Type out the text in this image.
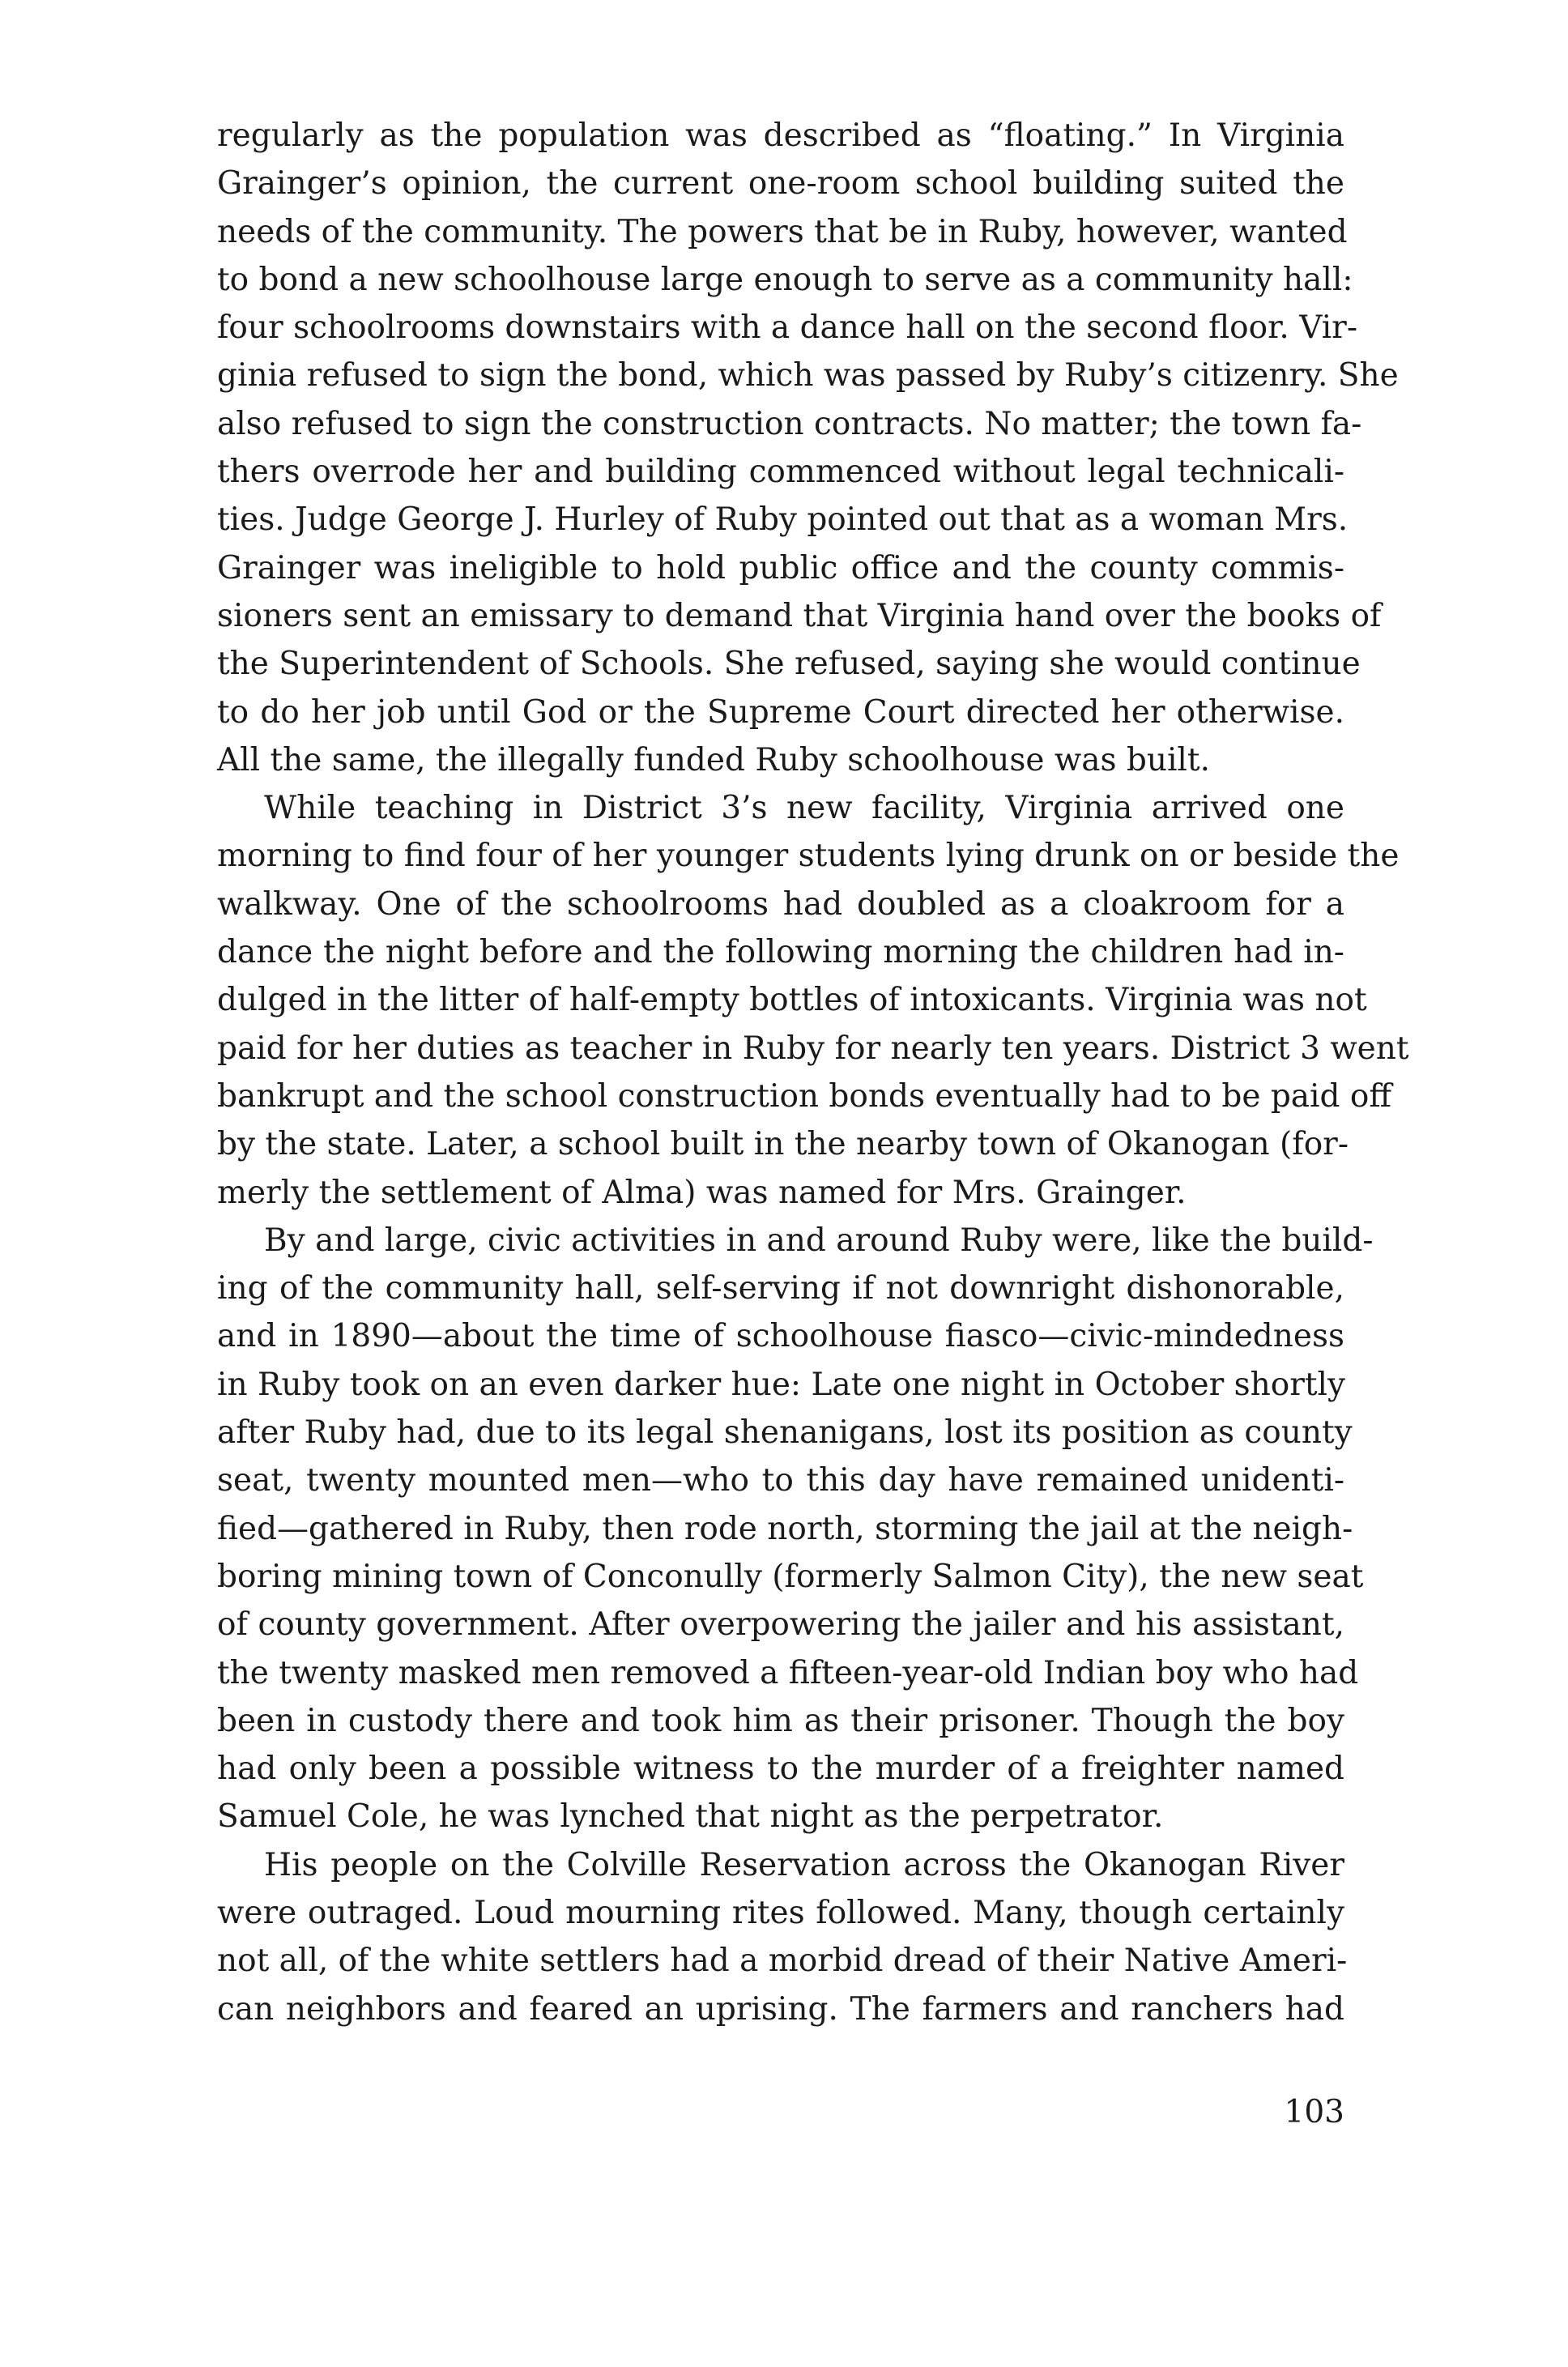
regularly as the population was described as “floating.” In Virginia
Grainger’s opinion, the current one-room school building suited the
needs of the community. The powers that be in Ruby, however, wanted
to bond a new schoolhouse large enough to serve as a community hall:
four schoolrooms downstairs with a dance hall on the second floor. Vir-
ginia refused to sign the bond, which was passed by Ruby’s citizenry. She
also refused to sign the construction contracts. No matter; the town fa-
thers overrode her and building commenced without legal technicali-
ties. Judge George J. Hurley of Ruby pointed out that as a woman Mrs.
Grainger was ineligible to hold public office and the county commis-
sioners sent an emissary to demand that Virginia hand over the books of
the Superintendent of Schools. She refused, saying she would continue
to do her job until God or the Supreme Court directed her otherwise.
All the same, the illegally funded Ruby schoolhouse was built.

While teaching in District 3’s new facility, Virginia arrived one
morning to find four of her younger students lying drunk on or beside the
walkway. One of the schoolrooms had doubled as a cloakroom for a
dance the night before and the following morning the children had in-
dulged in the litter of half-empty bottles of intoxicants. Virginia was not
paid for her duties as teacher in Ruby for nearly ten years. District 3 went
bankrupt and the school construction bonds eventually had to be paid off
by the state. Later, a school built in the nearby town of Okanogan (for-
merly the settlement of Alma) was named for Mrs. Grainger.

By and large, civic activities in and around Ruby were, like the build-
ing of the community hall, self-serving if not downright dishonorable,
and in 1890—about the time of schoolhouse fiasco—civic-mindedness
in Ruby took on an even darker hue: Late one night in October shortly
after Ruby had, due to its legal shenanigans, lost its position as county
seat, twenty mounted men—who to this day have remained unidenti-
fied—gathered in Ruby, then rode north, storming the jail at the neigh-
boring mining town of Conconully (formerly Salmon City), the new seat
of county government. After overpowering the jailer and his assistant,
the twenty masked men removed a fifteen-year-old Indian boy who had
been in custody there and took him as their prisoner. Though the boy
had only been a possible witness to the murder of a freighter named
Samuel Cole, he was lynched that night as the perpetrator.

His people on the Colville Reservation across the Okanogan River
were outraged. Loud mourning rites followed. Many, though certainly
not all, of the white settlers had a morbid dread of their Native Ameri-
can neighbors and feared an uprising. The farmers and ranchers had

103
